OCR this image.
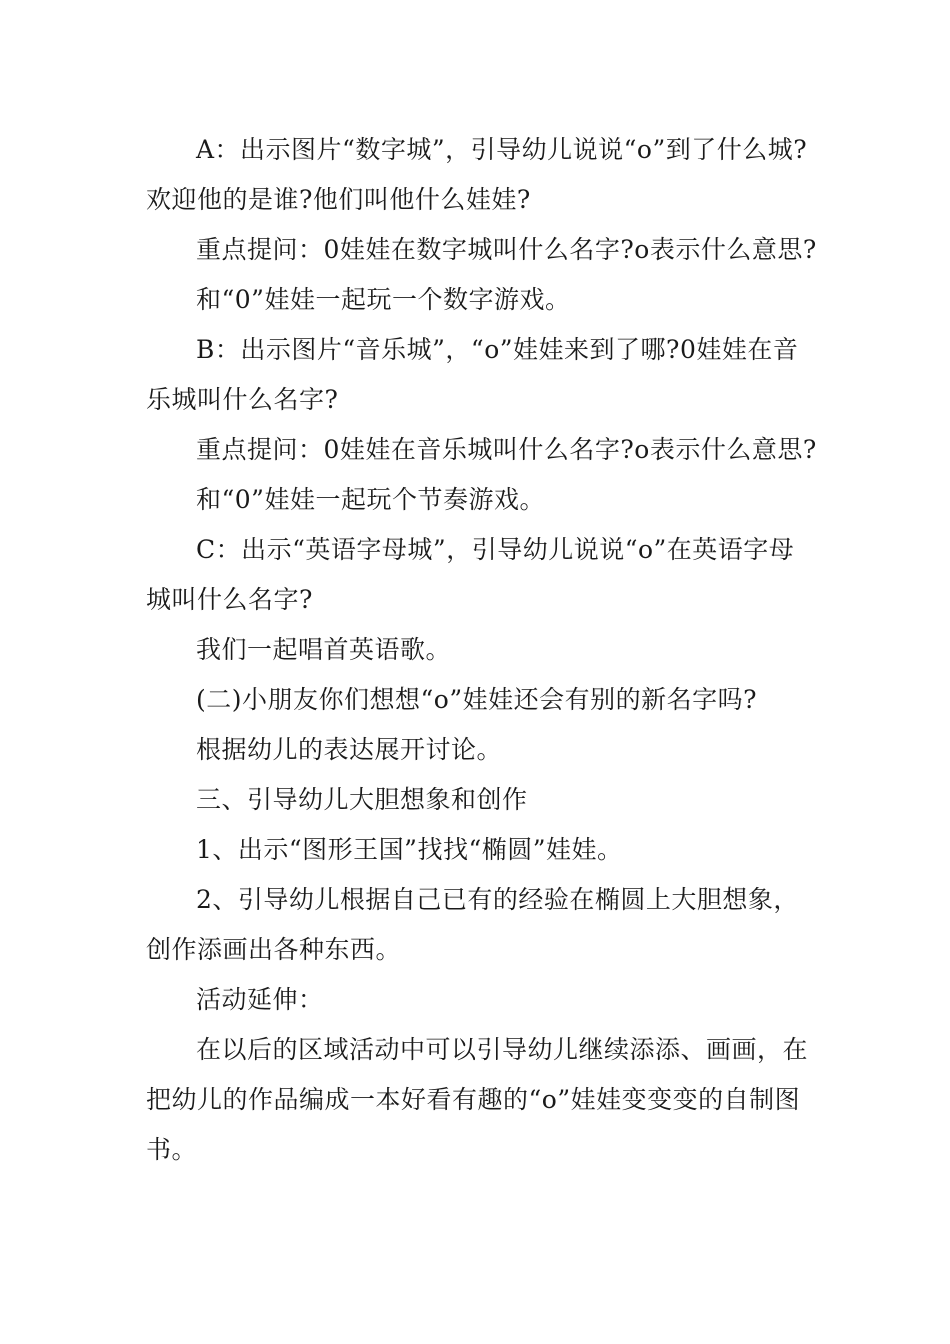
A：出示图片“数字城”，引导幼儿说说“o”到了什么城?欢迎他的是谁?他们叫他什么娃娃?

重点提问：0娃娃在数字城叫什么名字?o表示什么意思?

和“0”娃娃一起玩一个数字游戏。

B：出示图片“音乐城”，“o”娃娃来到了哪?0娃娃在音乐城叫什么名字?

重点提问：0娃娃在音乐城叫什么名字?o表示什么意思?

和“0”娃娃一起玩个节奏游戏。

C：出示“英语字母城”，引导幼儿说说“o”在英语字母城叫什么名字?

我们一起唱首英语歌。

(二)小朋友你们想想“o”娃娃还会有别的新名字吗?

根据幼儿的表达展开讨论。

三、引导幼儿大胆想象和创作

1、出示“图形王国”找找“椭圆”娃娃。

2、引导幼儿根据自己已有的经验在椭圆上大胆想象，创作添画出各种东西。

活动延伸：

在以后的区域活动中可以引导幼儿继续添添、画画，在把幼儿的作品编成一本好看有趣的“o”娃娃变变变的自制图书。
